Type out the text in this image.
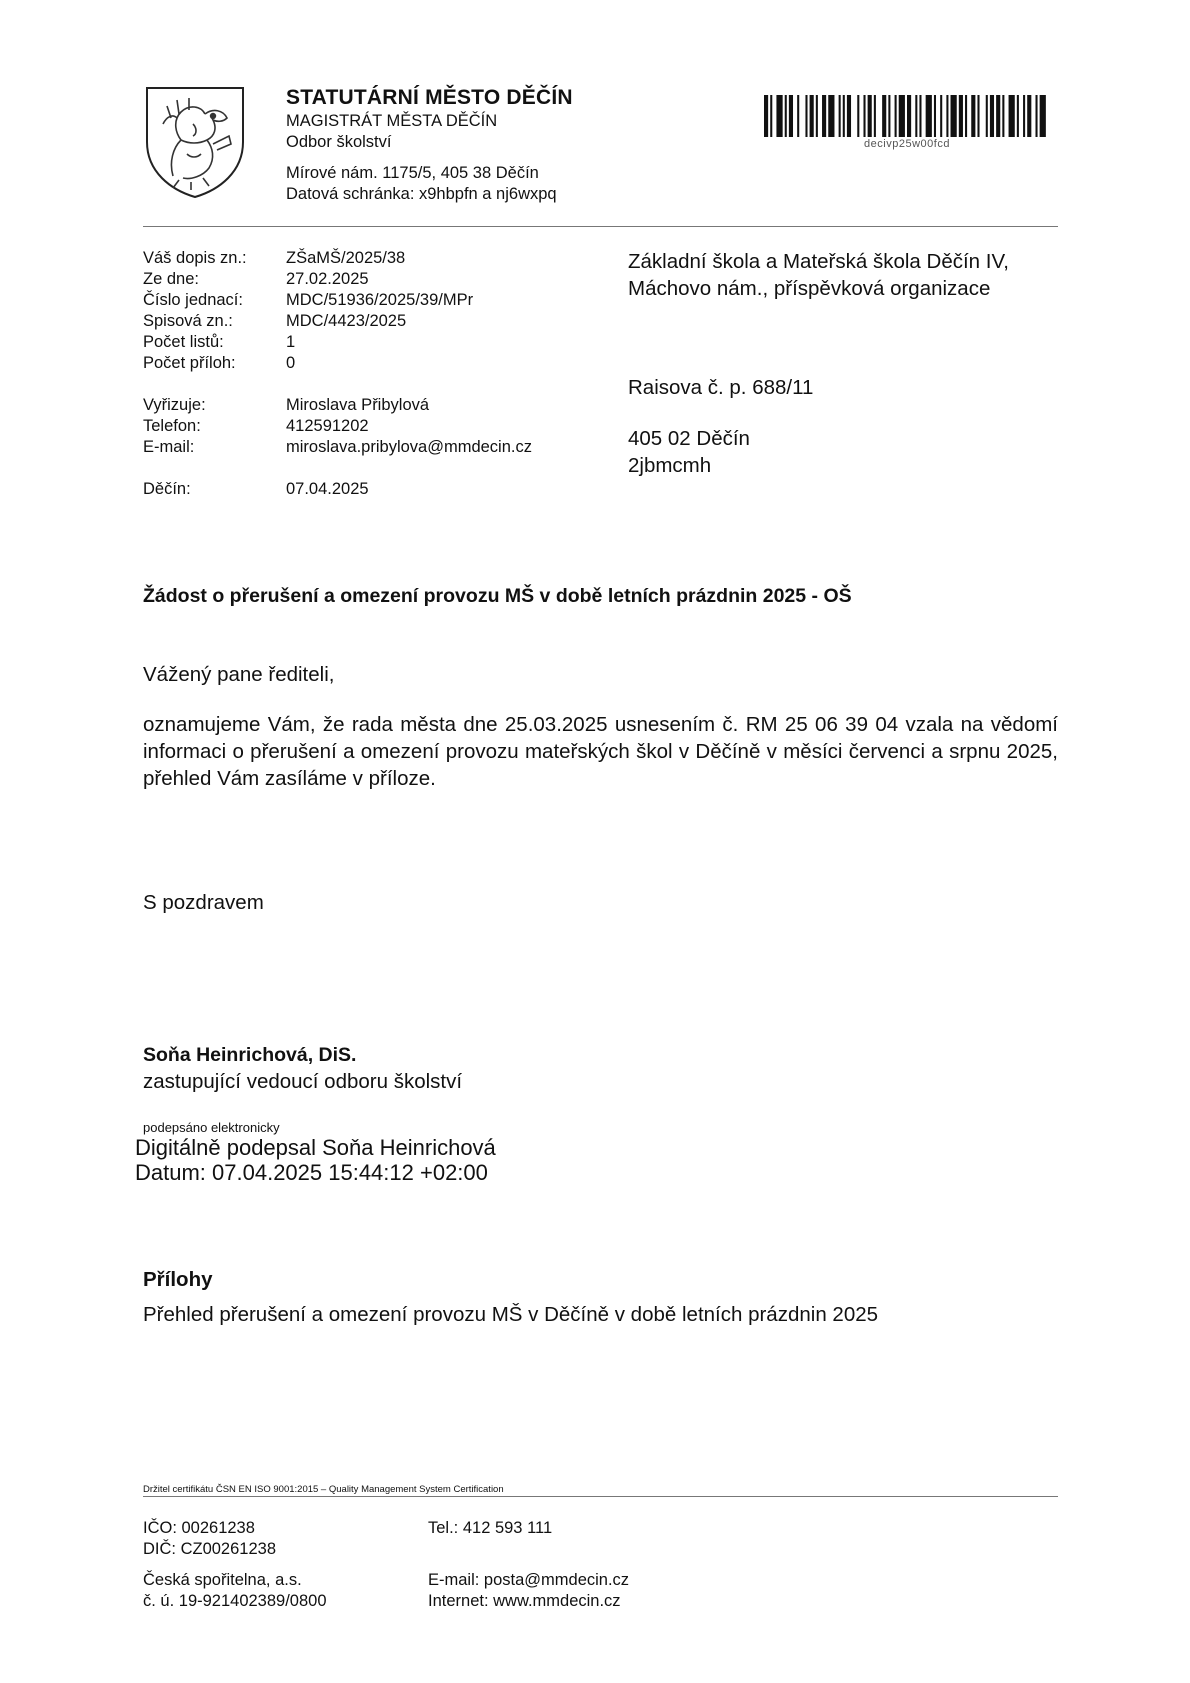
STATUTÁRNÍ MĚSTO DĚČÍN
MAGISTRÁT MĚSTA DĚČÍN
Odbor školství
Mírové nám. 1175/5, 405 38 Děčín
Datová schránka: x9hbpfn a nj6wxpq
decivp25w00fcd
Váš dopis zn.:	ZŠaMŠ/2025/38
Ze dne:	27.02.2025
Číslo jednací:	MDC/51936/2025/39/MPr
Spisová zn.:	MDC/4423/2025
Počet listů:	1
Počet příloh:	0
Vyřizuje:	Miroslava Přibylová
Telefon:	412591202
E-mail:	miroslava.pribylova@mmdecin.cz
Děčín:	07.04.2025
Základní škola a Mateřská škola Děčín IV,
Máchovo nám., příspěvková organizace
Raisova č. p. 688/11
405 02 Děčín
2jbmcmh
Žádost o přerušení a omezení provozu MŠ v době letních prázdnin 2025 - OŠ
Vážený pane řediteli,
oznamujeme Vám, že rada města dne 25.03.2025 usnesením č. RM 25 06 39 04 vzala na vědomí informaci o přerušení a omezení provozu mateřských škol v Děčíně v měsíci červenci a srpnu 2025, přehled Vám zasíláme v příloze.
S pozdravem
Soňa Heinrichová, DiS.
zastupující vedoucí odboru školství
podepsáno elektronicky
Digitálně podepsal Soňa Heinrichová
Datum: 07.04.2025 15:44:12 +02:00
Přílohy
Přehled přerušení a omezení provozu MŠ v Děčíně v době letních prázdnin 2025
Držitel certifikátu ČSN EN ISO 9001:2015 – Quality Management System Certification
IČO: 00261238
DIČ: CZ00261238
Česká spořitelna, a.s.
č. ú. 19-921402389/0800
Tel.: 412 593 111
E-mail: posta@mmdecin.cz
Internet: www.mmdecin.cz
